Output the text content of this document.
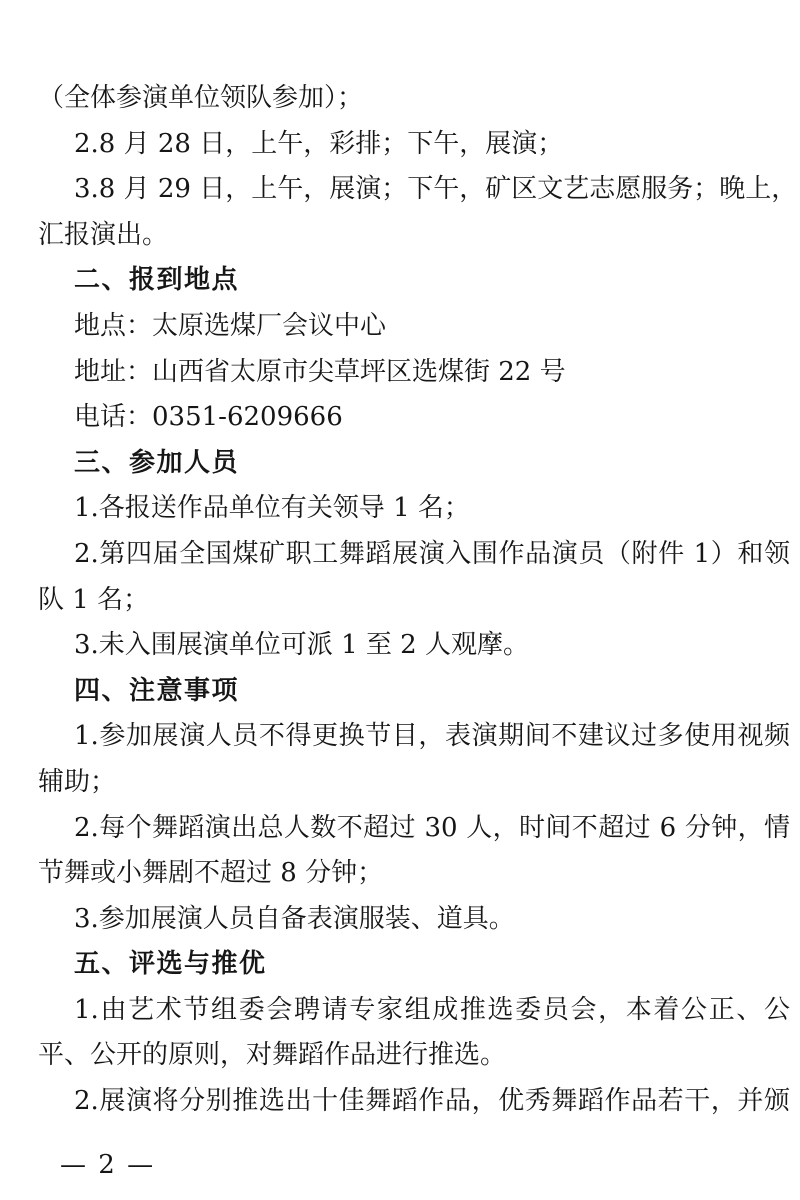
（全体参演单位领队参加）；
2.8 月 28 日，上午，彩排；下午，展演；
3.8 月 29 日，上午，展演；下午，矿区文艺志愿服务；晚上，
汇报演出。
二、报到地点
地点：太原选煤厂会议中心
地址：山西省太原市尖草坪区选煤街 22 号
电话：0351-6209666
三、参加人员
1.各报送作品单位有关领导 1 名；
2.第四届全国煤矿职工舞蹈展演入围作品演员（附件 1）和领
队 1 名；
3.未入围展演单位可派 1 至 2 人观摩。
四、注意事项
1.参加展演人员不得更换节目，表演期间不建议过多使用视频
辅助；
2.每个舞蹈演出总人数不超过 30 人，时间不超过 6 分钟，情
节舞或小舞剧不超过 8 分钟；
3.参加展演人员自备表演服装、道具。
五、评选与推优
1.由艺术节组委会聘请专家组成推选委员会，本着公正、公
平、公开的原则，对舞蹈作品进行推选。
2.展演将分别推选出十佳舞蹈作品，优秀舞蹈作品若干，并颁
— 2 —
